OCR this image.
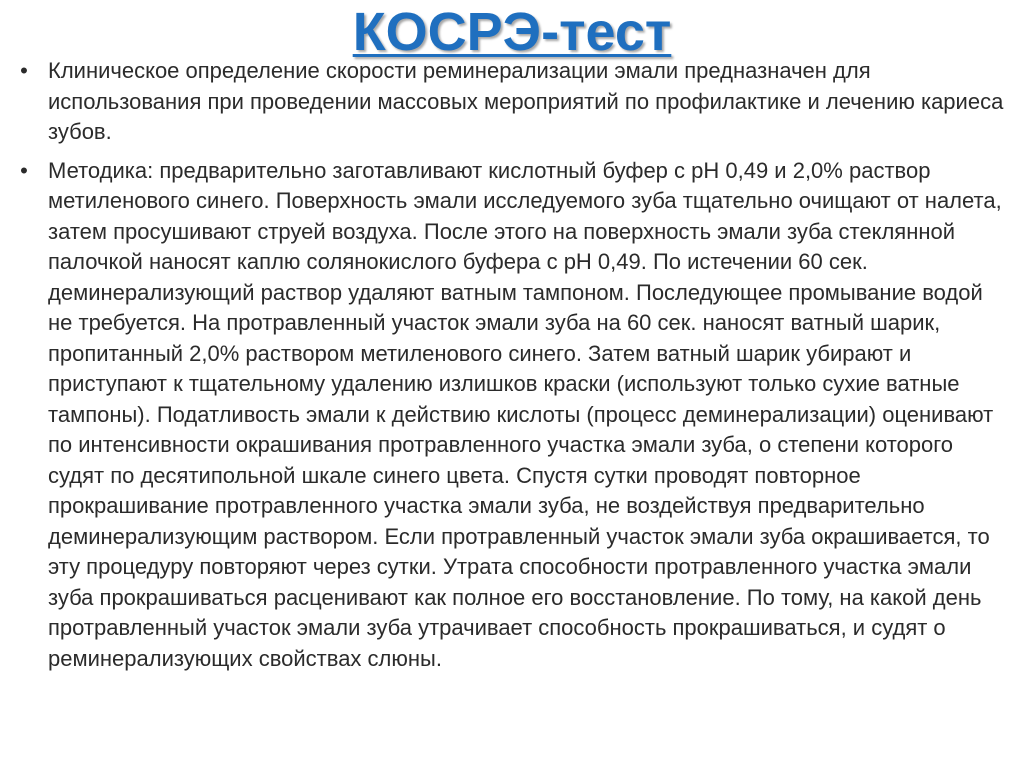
КОСРЭ-тест
• Клиническое определение скорости реминерализации эмали предназначен для использования при проведении массовых мероприятий по профилактике и лечению кариеса зубов.
• Методика: предварительно заготавливают кислотный буфер с pH 0,49 и 2,0% раствор метиленового синего. Поверхность эмали исследуемого зуба тщательно очищают от налета, затем просушивают струей воздуха. После этого на поверхность эмали зуба стеклянной палочкой наносят каплю солянокислого буфера с pH 0,49. По истечении 60 сек. деминерализующий раствор удаляют ватным тампоном. Последующее промывание водой не требуется. На протравленный участок эмали зуба на 60 сек. наносят ватный шарик, пропитанный 2,0% раствором метиленового синего. Затем ватный шарик убирают и приступают к тщательному удалению излишков краски (используют только сухие ватные тампоны). Податливость эмали к действию кислоты (процесс деминерализации) оценивают по интенсивности окрашивания протравленного участка эмали зуба, о степени которого судят по десятипольной шкале синего цвета. Спустя сутки проводят повторное прокрашивание протравленного участка эмали зуба, не воздействуя предварительно деминерализующим раствором. Если протравленный участок эмали зуба окрашивается, то эту процедуру повторяют через сутки. Утрата способности протравленного участка эмали зуба прокрашиваться расценивают как полное его восстановление. По тому, на какой день протравленный участок эмали зуба утрачивает способность прокрашиваться, и судят о реминерализующих свойствах слюны.
